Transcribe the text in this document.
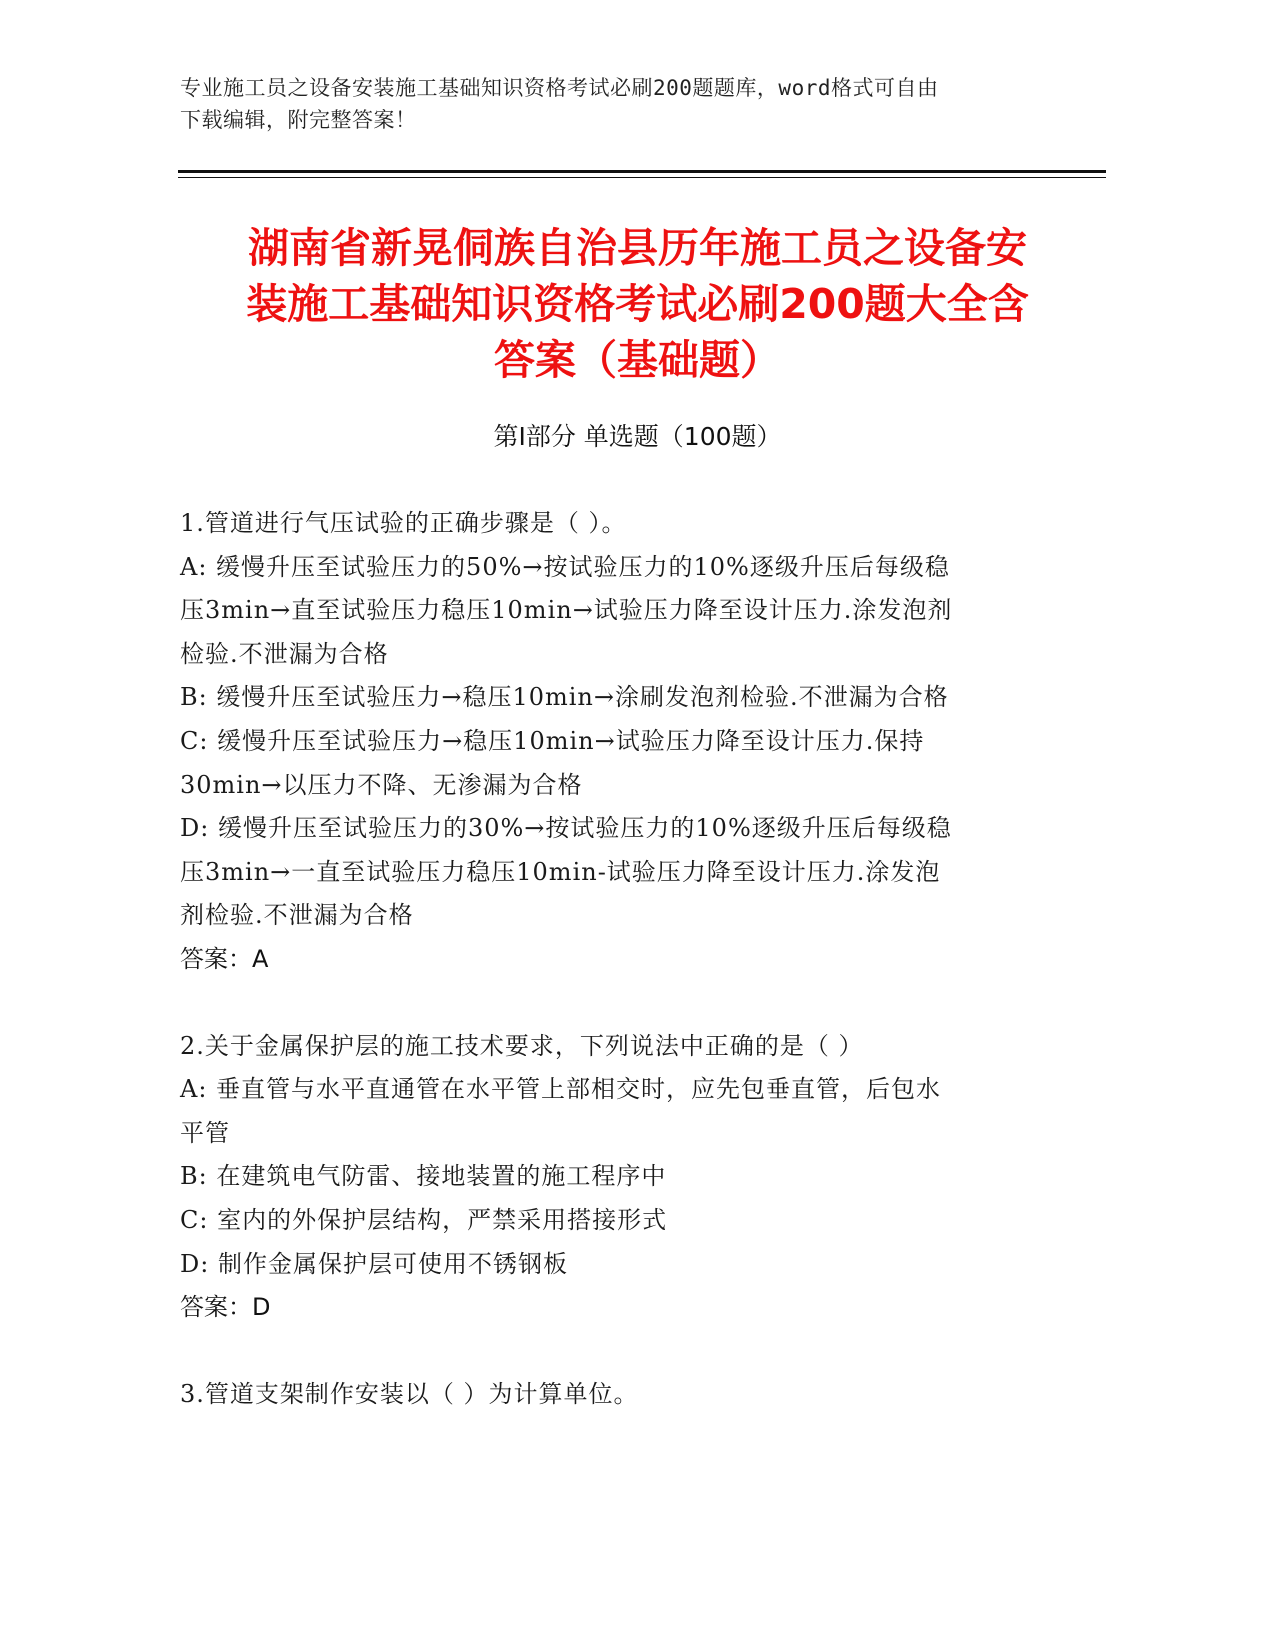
专业施工员之设备安装施工基础知识资格考试必刷200题题库，word格式可自由
下载编辑，附完整答案！
湖南省新晃侗族自治县历年施工员之设备安
装施工基础知识资格考试必刷200题大全含
答案（基础题）
第Ⅰ部分 单选题（100题）

1.管道进行气压试验的正确步骤是（ ）。

A: 缓慢升压至试验压力的50%→按试验压力的10%逐级升压后每级稳

压3min→直至试验压力稳压10min→试验压力降至设计压力.涂发泡剂

检验.不泄漏为合格

B: 缓慢升压至试验压力→稳压10min→涂刷发泡剂检验.不泄漏为合格

C: 缓慢升压至试验压力→稳压10min→试验压力降至设计压力.保持

30min→以压力不降、无渗漏为合格

D: 缓慢升压至试验压力的30%→按试验压力的10%逐级升压后每级稳

压3min→一直至试验压力稳压10min-试验压力降至设计压力.涂发泡

剂检验.不泄漏为合格

答案：A

2.关于金属保护层的施工技术要求，下列说法中正确的是（ ）

A: 垂直管与水平直通管在水平管上部相交时，应先包垂直管，后包水

平管

B: 在建筑电气防雷、接地装置的施工程序中

C: 室内的外保护层结构，严禁采用搭接形式

D: 制作金属保护层可使用不锈钢板

答案：D

3.管道支架制作安装以（ ）为计算单位。
